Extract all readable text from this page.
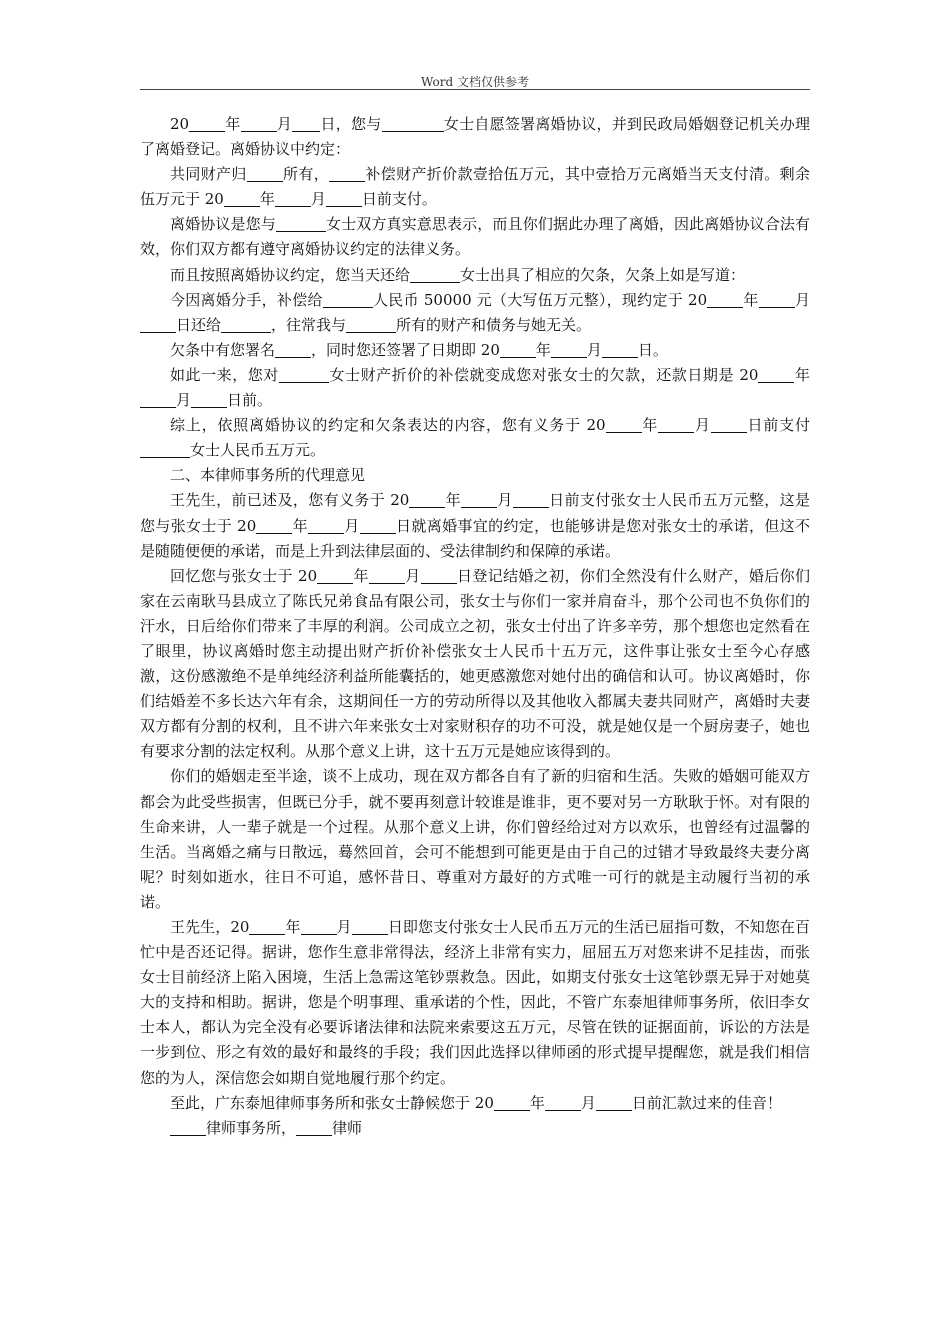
Word 文档仅供参考

20 年 月 日，您与	女士自愿签署离婚协议，并到民政局婚姻登记机关办理了离婚登记。离婚协议中约定：

共同财产归 所有， 补偿财产折价款壹拾伍万元，其中壹拾万元离婚当天支付清。剩余伍万元于 20 年 月 日前支付。

离婚协议是您与	女士双方真实意思表示，而且你们据此办理了离婚，因此离婚协议合法有效，你们双方都有遵守离婚协议约定的法律义务。

而且按照离婚协议约定，您当天还给	女士出具了相应的欠条，欠条上如是写道：

今因离婚分手，补偿给	人民币 50000 元（大写伍万元整），现约定于 20 年 月日还给	，往常我与	所有的财产和债务与她无关。

欠条中有您署名 ，同时您还签署了日期即 20 年 月 日。

如此一来，您对	女士财产折价的补偿就变成您对张女士的欠款，还款日期是 20 年月 日前。

综上，依照离婚协议的约定和欠条表达的内容，您有义务于 20 年 月 日前支付女士人民币五万元。

二、本律师事务所的代理意见

王先生，前已述及，您有义务于 20 年 月 日前支付张女士人民币五万元整，这是您与张女士于 20 年 月 日就离婚事宜的约定，也能够讲是您对张女士的承诺，但这不是随随便便的承诺，而是上升到法律层面的、受法律制约和保障的承诺。

回忆您与张女士于 20 年 月 日登记结婚之初，你们全然没有什么财产，婚后你们家在云南耿马县成立了陈氏兄弟食品有限公司，张女士与你们一家并肩奋斗，那个公司也不负你们的汗水，日后给你们带来了丰厚的利润。公司成立之初，张女士付出了许多辛劳，那个想您也定然看在了眼里，协议离婚时您主动提出财产折价补偿张女士人民币十五万元，这件事让张女士至今心存感激，这份感激绝不是单纯经济利益所能囊括的，她更感激您对她付出的确信和认可。协议离婚时，你们结婚差不多长达六年有余，这期间任一方的劳动所得以及其他收入都属夫妻共同财产，离婚时夫妻双方都有分割的权利，且不讲六年来张女士对家财积存的功不可没，就是她仅是一个厨房妻子，她也有要求分割的法定权利。从那个意义上讲，这十五万元是她应该得到的。

你们的婚姻走至半途，谈不上成功，现在双方都各自有了新的归宿和生活。失败的婚姻可能双方都会为此受些损害，但既已分手，就不要再刻意计较谁是谁非，更不要对另一方耿耿于怀。对有限的生命来讲，人一辈子就是一个过程。从那个意义上讲，你们曾经给过对方以欢乐，也曾经有过温馨的生活。当离婚之痛与日散远，蓦然回首，会可不能想到可能更是由于自己的过错才导致最终夫妻分离呢？时刻如逝水，往日不可追，感怀昔日、尊重对方最好的方式唯一可行的就是主动履行当初的承诺。

王先生，20 年 月 日即您支付张女士人民币五万元的生活已屈指可数，不知您在百忙中是否还记得。据讲，您作生意非常得法，经济上非常有实力，屈屈五万对您来讲不足挂齿，而张女士目前经济上陷入困境，生活上急需这笔钞票救急。因此，如期支付张女士这笔钞票无异于对她莫大的支持和相助。据讲，您是个明事理、重承诺的个性，因此，不管广东泰旭律师事务所，依旧李女士本人，都认为完全没有必要诉诸法律和法院来索要这五万元，尽管在铁的证据面前，诉讼的方法是一步到位、形之有效的最好和最终的手段；我们因此选择以律师函的形式提早提醒您，就是我们相信您的为人，深信您会如期自觉地履行那个约定。

至此，广东泰旭律师事务所和张女士静候您于 20 年 月 日前汇款过来的佳音！

律师事务所， 律师
